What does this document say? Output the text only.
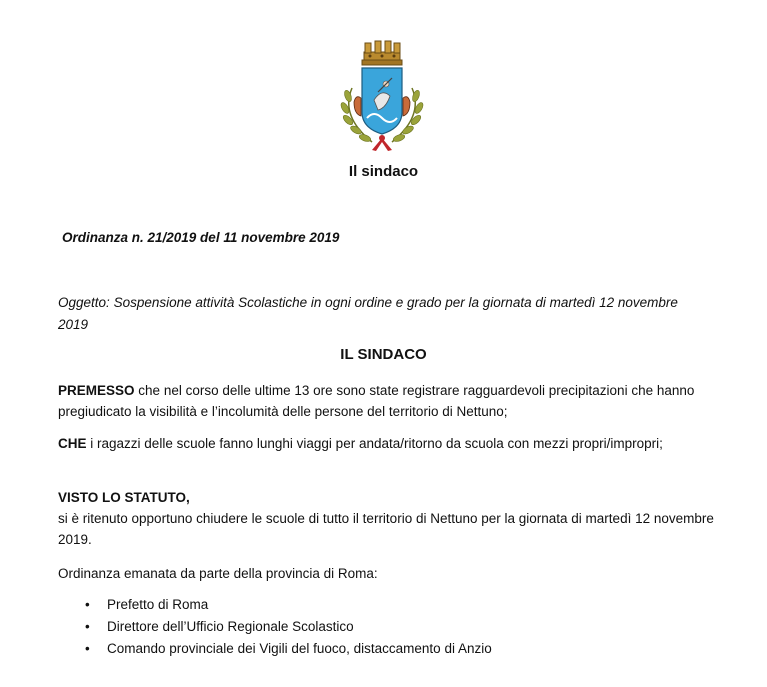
Il sindaco
Ordinanza n. 21/2019 del 11 novembre 2019
Oggetto: Sospensione attività Scolastiche in ogni ordine e grado per la giornata di martedì 12 novembre 2019
IL SINDACO
PREMESSO che nel corso delle ultime 13 ore sono state registrare ragguardevoli precipitazioni che hanno pregiudicato la visibilità e l’incolumità delle persone del territorio di Nettuno;
CHE i ragazzi delle scuole fanno lunghi viaggi per andata/ritorno da scuola con mezzi propri/impropri;
VISTO LO STATUTO,
si è ritenuto opportuno chiudere le scuole di tutto il territorio di Nettuno per la giornata di martedì 12 novembre 2019.
Ordinanza emanata da parte della provincia di Roma:
• Prefetto di Roma
• Direttore dell’Ufficio Regionale Scolastico
• Comando provinciale dei Vigili del fuoco, distaccamento di Anzio
